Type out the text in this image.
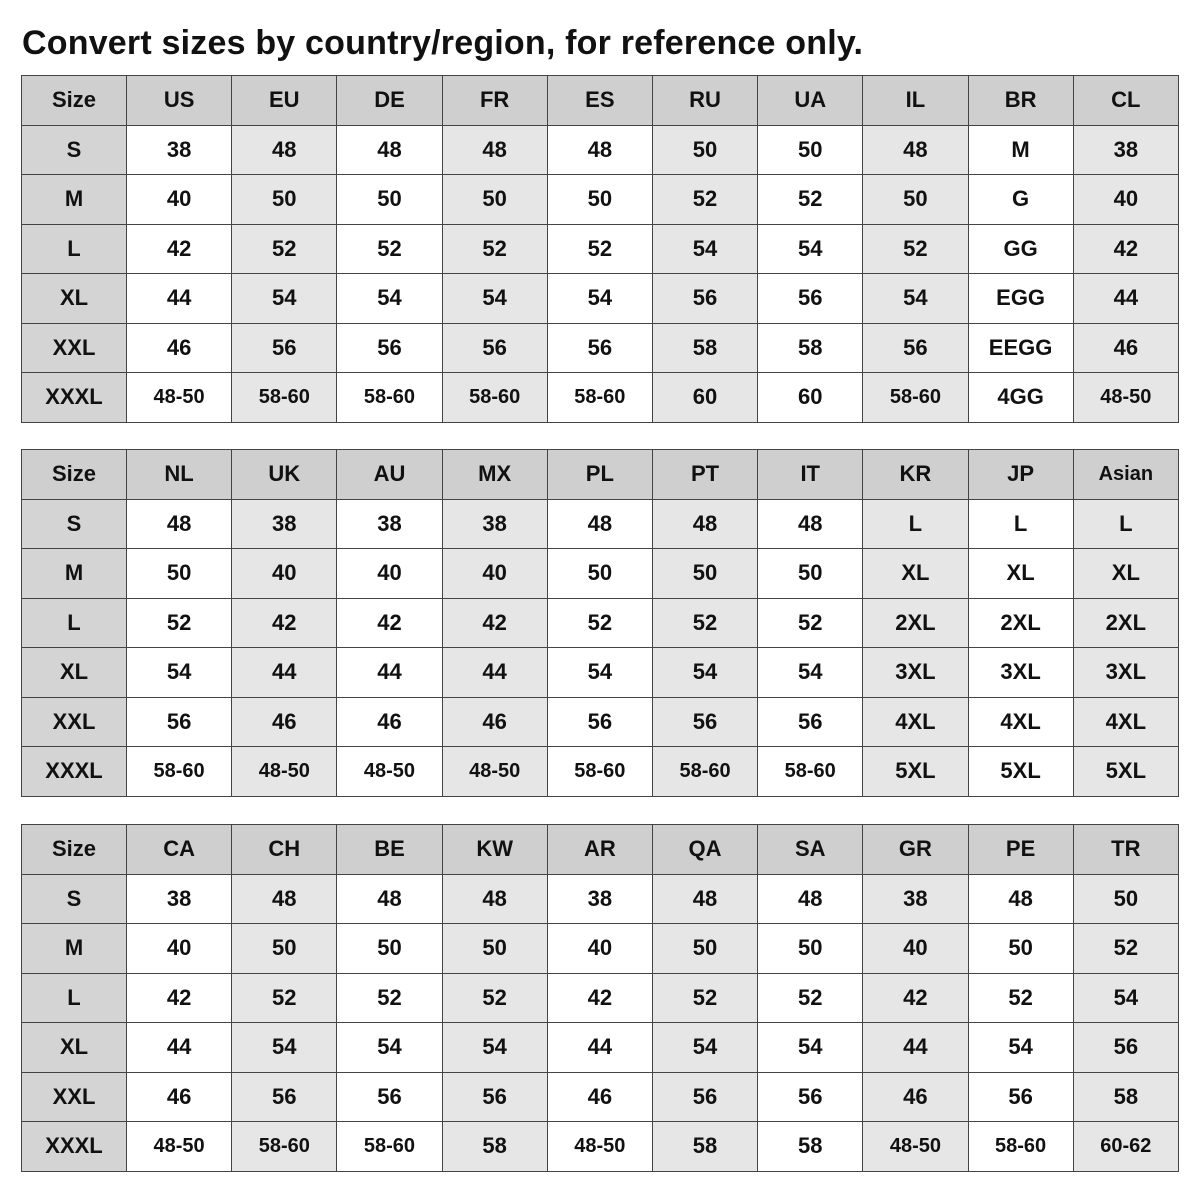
Convert sizes by country/region, for reference only.
Size	US	EU	DE	FR	ES	RU	UA	IL	BR	CL
S	38	48	48	48	48	50	50	48	M	38
M	40	50	50	50	50	52	52	50	G	40
L	42	52	52	52	52	54	54	52	GG	42
XL	44	54	54	54	54	56	56	54	EGG	44
XXL	46	56	56	56	56	58	58	56	EEGG	46
XXXL	48-50	58-60	58-60	58-60	58-60	60	60	58-60	4GG	48-50
Size	NL	UK	AU	MX	PL	PT	IT	KR	JP	Asian
S	48	38	38	38	48	48	48	L	L	L
M	50	40	40	40	50	50	50	XL	XL	XL
L	52	42	42	42	52	52	52	2XL	2XL	2XL
XL	54	44	44	44	54	54	54	3XL	3XL	3XL
XXL	56	46	46	46	56	56	56	4XL	4XL	4XL
XXXL	58-60	48-50	48-50	48-50	58-60	58-60	58-60	5XL	5XL	5XL
Size	CA	CH	BE	KW	AR	QA	SA	GR	PE	TR
S	38	48	48	48	38	48	48	38	48	50
M	40	50	50	50	40	50	50	40	50	52
L	42	52	52	52	42	52	52	42	52	54
XL	44	54	54	54	44	54	54	44	54	56
XXL	46	56	56	56	46	56	56	46	56	58
XXXL	48-50	58-60	58-60	58	48-50	58	58	48-50	58-60	60-62
